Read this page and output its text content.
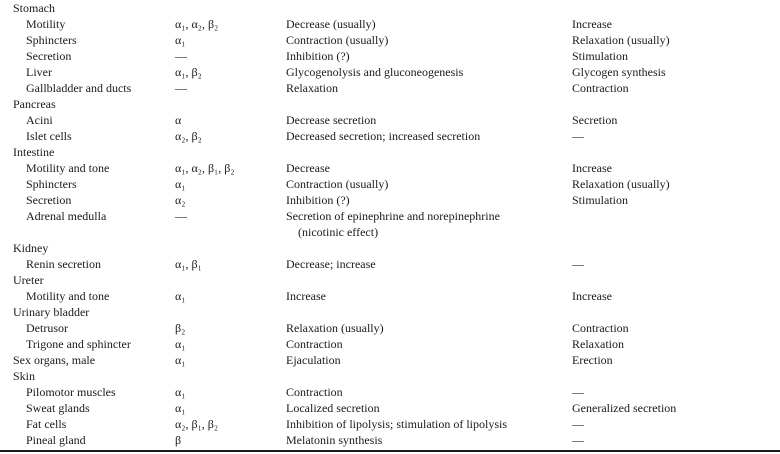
Stomach
Motility	α₁, α₂, β₂	Decrease (usually)	Increase
Sphincters	α₁	Contraction (usually)	Relaxation (usually)
Secretion	—	Inhibition (?)	Stimulation
Liver	α₁, β₂	Glycogenolysis and gluconeogenesis	Glycogen synthesis
Gallbladder and ducts	—	Relaxation	Contraction
Pancreas
Acini	α	Decrease secretion	Secretion
Islet cells	α₂, β₂	Decreased secretion; increased secretion	—
Intestine
Motility and tone	α₁, α₂, β₁, β₂	Decrease	Increase
Sphincters	α₁	Contraction (usually)	Relaxation (usually)
Secretion	α₂	Inhibition (?)	Stimulation
Adrenal medulla	—	Secretion of epinephrine and norepinephrine
(nicotinic effect)
Kidney
Renin secretion	α₁, β₁	Decrease; increase	—
Ureter
Motility and tone	α₁	Increase	Increase
Urinary bladder
Detrusor	β₂	Relaxation (usually)	Contraction
Trigone and sphincter	α₁	Contraction	Relaxation
Sex organs, male	α₁	Ejaculation	Erection
Skin
Pilomotor muscles	α₁	Contraction	—
Sweat glands	α₁	Localized secretion	Generalized secretion
Fat cells	α₂, β₁, β₂	Inhibition of lipolysis; stimulation of lipolysis	—
Pineal gland	β	Melatonin synthesis	—
